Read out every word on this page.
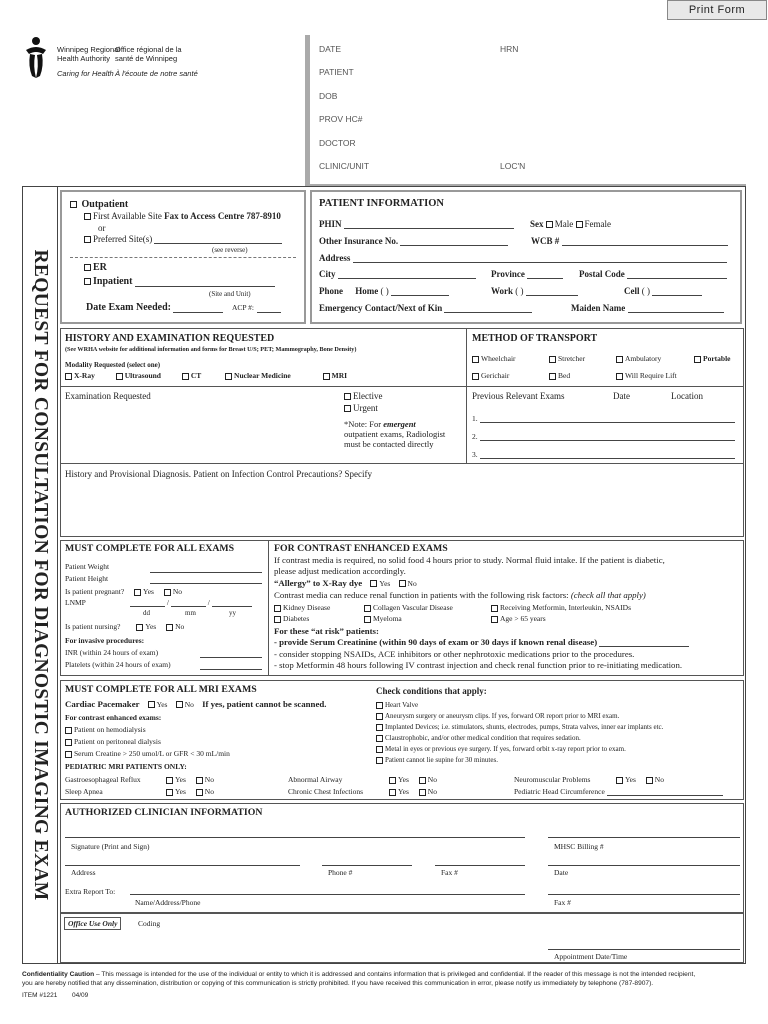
Print Form
Winnipeg Regional
Health Authority
Office régional de la
santé de Winnipeg
Caring for Health À l'écoute de notre santé
DATE	HRN
PATIENT
DOB
PROV HC#
DOCTOR
CLINIC/UNIT	LOC'N
REQUEST FOR CONSULTATION FOR DIAGNOSTIC IMAGING EXAM
Outpatient
First Available Site Fax to Access Centre 787-8910
or
Preferred Site(s)
(see reverse)
ER
Inpatient
(Site and Unit)
Date Exam Needed:	ACP #:
PATIENT INFORMATION
PHIN	Sex Male Female
Other Insurance No.	WCB #
Address
City	Province	Postal Code
Phone Home ( )	Work ( )	Cell ( )
Emergency Contact/Next of Kin	Maiden Name
HISTORY AND EXAMINATION REQUESTED
(See WRHA website for additional information and forms for Breast U/S; PET; Mammography, Bone Density)
Modality Requested (select one)
X-Ray	Ultrasound	CT	Nuclear Medicine	MRI
Examination Requested	Elective
Urgent
*Note: For emergent
outpatient exams, Radiologist
must be contacted directly
History and Provisional Diagnosis. Patient on Infection Control Precautions? Specify
METHOD OF TRANSPORT
Wheelchair	Stretcher	Ambulatory	Portable
Gerichair	Bed	Will Require Lift
Previous Relevant Exams	Date	Location
1.
2.
3.
MUST COMPLETE FOR ALL EXAMS
Patient Weight
Patient Height
Is patient pregnant?	Yes	No
LNMP	/	/
dd	mm	yy
Is patient nursing?	Yes	No
For invasive procedures:
INR (within 24 hours of exam)
Platelets (within 24 hours of exam)
FOR CONTRAST ENHANCED EXAMS
If contrast media is required, no solid food 4 hours prior to study. Normal fluid intake. If the patient is diabetic,
please adjust medication accordingly.
“Allergy” to X-Ray dye Yes No
Contrast media can reduce renal function in patients with the following risk factors: (check all that apply)
Kidney Disease	Collagen Vascular Disease	Receiving Metformin, Interleukin, NSAIDs
Diabetes	Myeloma	Age > 65 years
For these “at risk” patients:
- provide Serum Creatinine (within 90 days of exam or 30 days if known renal disease)
- consider stopping NSAIDs, ACE inhibitors or other nephrotoxic medications prior to the procedures.
- stop Metformin 48 hours following IV contrast injection and check renal function prior to re-initiating medication.
MUST COMPLETE FOR ALL MRI EXAMS
Cardiac Pacemaker Yes No If yes, patient cannot be scanned.
For contrast enhanced exams:
Patient on hemodialysis
Patient on peritoneal dialysis
Serum Creatine > 250 umol/L or GFR < 30 mL/min
PEDIATRIC MRI PATIENTS ONLY:
Check conditions that apply:
Heart Valve
Aneurysm surgery or aneurysm clips. If yes, forward OR report prior to MRI exam.
Implanted Devices; i.e. stimulators, shunts, electrodes, pumps, Strata valves, inner ear implants etc.
Claustrophobic, and/or other medical condition that requires sedation.
Metal in eyes or previous eye surgery. If yes, forward orbit x-ray report prior to exam.
Patient cannot lie supine for 30 minutes.
Gastroesophageal Reflux	Yes	No
Sleep Apnea	Yes	No
Abnormal Airway	Yes	No
Chronic Chest Infections	Yes	No
Neuromuscular Problems	Yes	No
Pediatric Head Circumference
AUTHORIZED CLINICIAN INFORMATION
Signature (Print and Sign)	MHSC Billing #
Address	Phone #	Fax #	Date
Extra Report To:
Name/Address/Phone	Fax #
Office Use Only	Coding
Appointment Date/Time
Confidentiality Caution – This message is intended for the use of the individual or entity to which it is addressed and contains information that is privileged and confidential. If the reader of this message is not the intended recipient,
you are hereby notified that any dissemination, distribution or copying of this communication is strictly prohibited. If you have received this communication in error, please notify us immediately by telephone (787-8907).
ITEM #1221 04/09
